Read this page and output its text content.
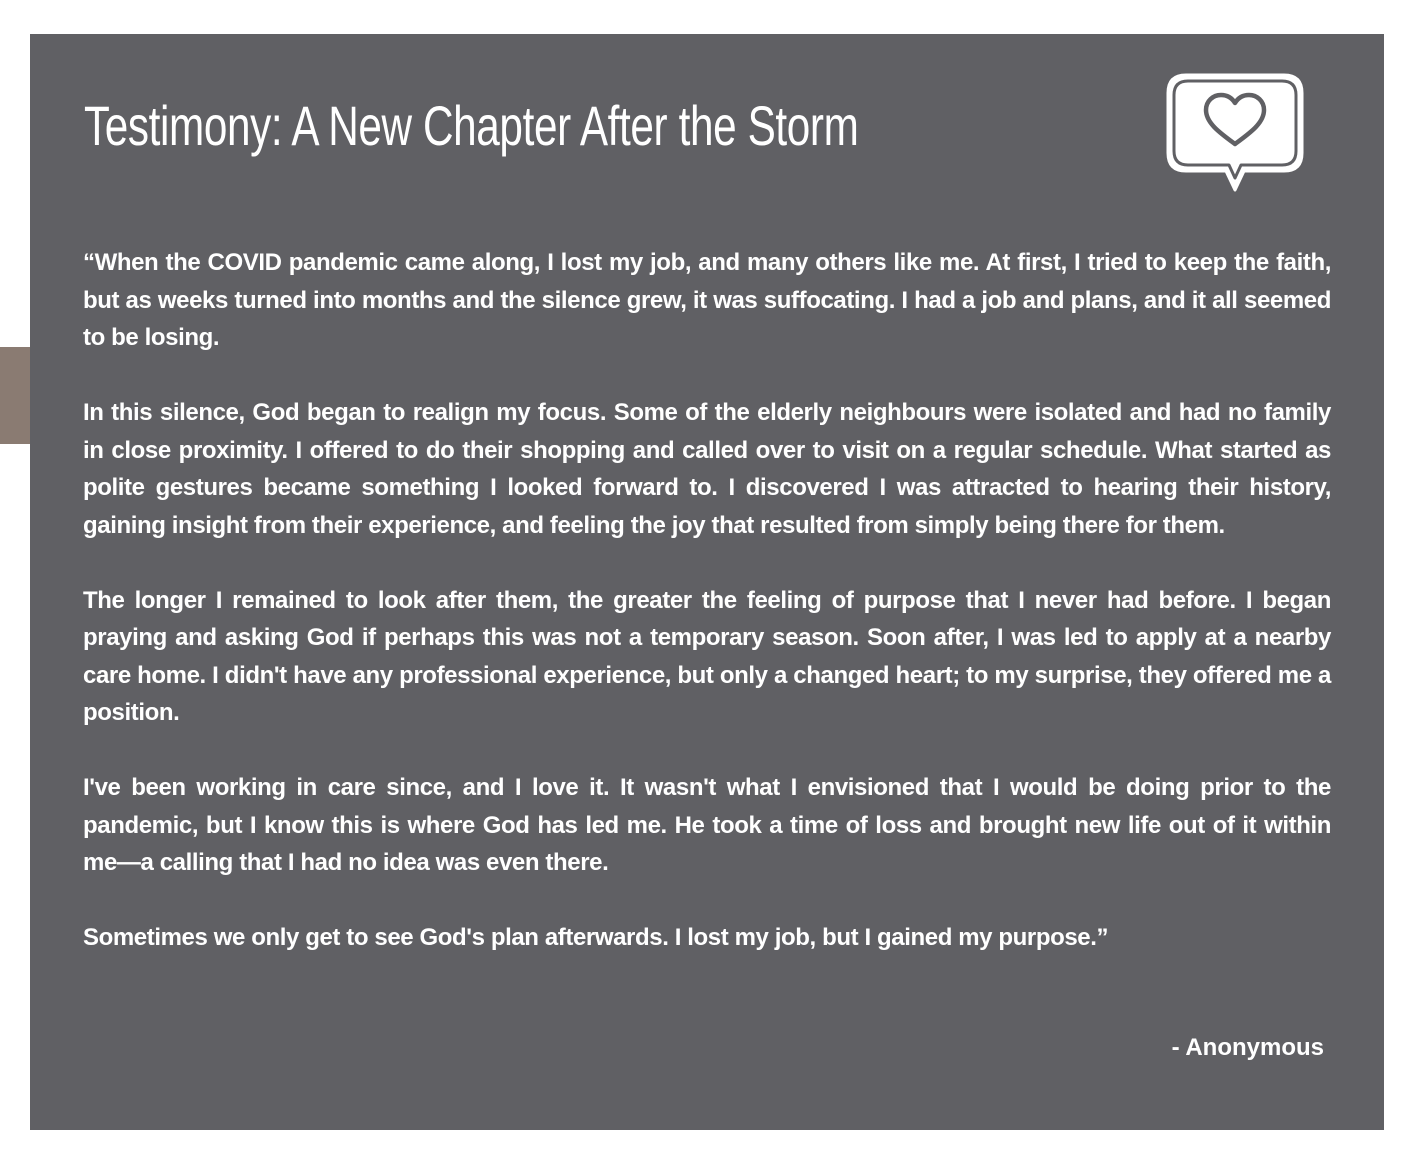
Testimony: A New Chapter After the Storm

“When the COVID pandemic came along, I lost my job, and many others like me. At first, I tried to keep the faith, but as weeks turned into months and the silence grew, it was suffocating. I had a job and plans, and it all seemed to be losing.

In this silence, God began to realign my focus. Some of the elderly neighbours were isolated and had no family in close proximity. I offered to do their shopping and called over to visit on a regular schedule. What started as polite gestures became something I looked forward to. I discovered I was attracted to hearing their history, gaining insight from their experience, and feeling the joy that resulted from simply being there for them.

The longer I remained to look after them, the greater the feeling of purpose that I never had before. I began praying and asking God if perhaps this was not a temporary season. Soon after, I was led to apply at a nearby care home. I didn't have any professional experience, but only a changed heart; to my surprise, they offered me a position.

I've been working in care since, and I love it. It wasn't what I envisioned that I would be doing prior to the pandemic, but I know this is where God has led me. He took a time of loss and brought new life out of it within me—a calling that I had no idea was even there.

Sometimes we only get to see God's plan afterwards. I lost my job, but I gained my purpose.”

- Anonymous
